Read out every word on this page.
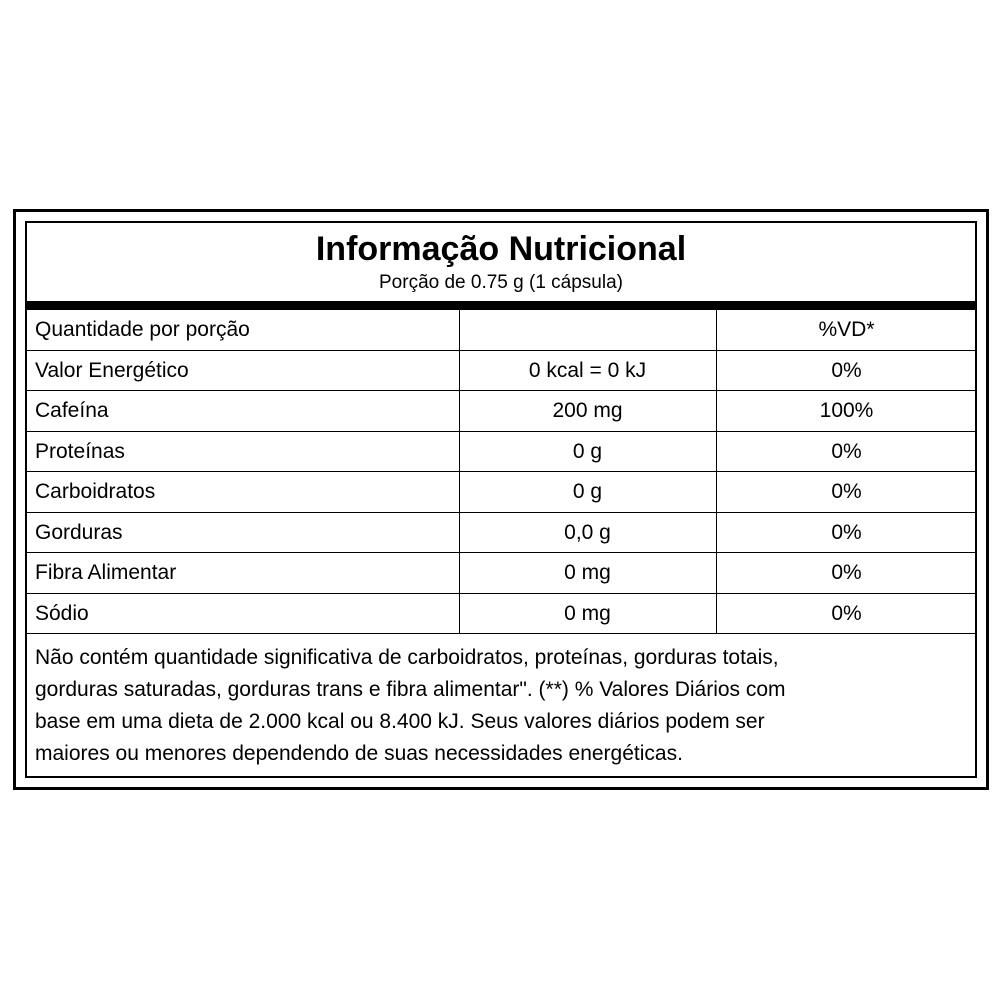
Informação Nutricional
Porção de 0.75 g (1 cápsula)
Quantidade por porção		%VD*
Valor Energético	0 kcal = 0 kJ	0%
Cafeína	200 mg	100%
Proteínas	0 g	0%
Carboidratos	0 g	0%
Gorduras	0,0 g	0%
Fibra Alimentar	0 mg	0%
Sódio	0 mg	0%
Não contém quantidade significativa de carboidratos, proteínas, gorduras totais,
gorduras saturadas, gorduras trans e fibra alimentar". (**) % Valores Diários com
base em uma dieta de 2.000 kcal ou 8.400 kJ. Seus valores diários podem ser
maiores ou menores dependendo de suas necessidades energéticas.
